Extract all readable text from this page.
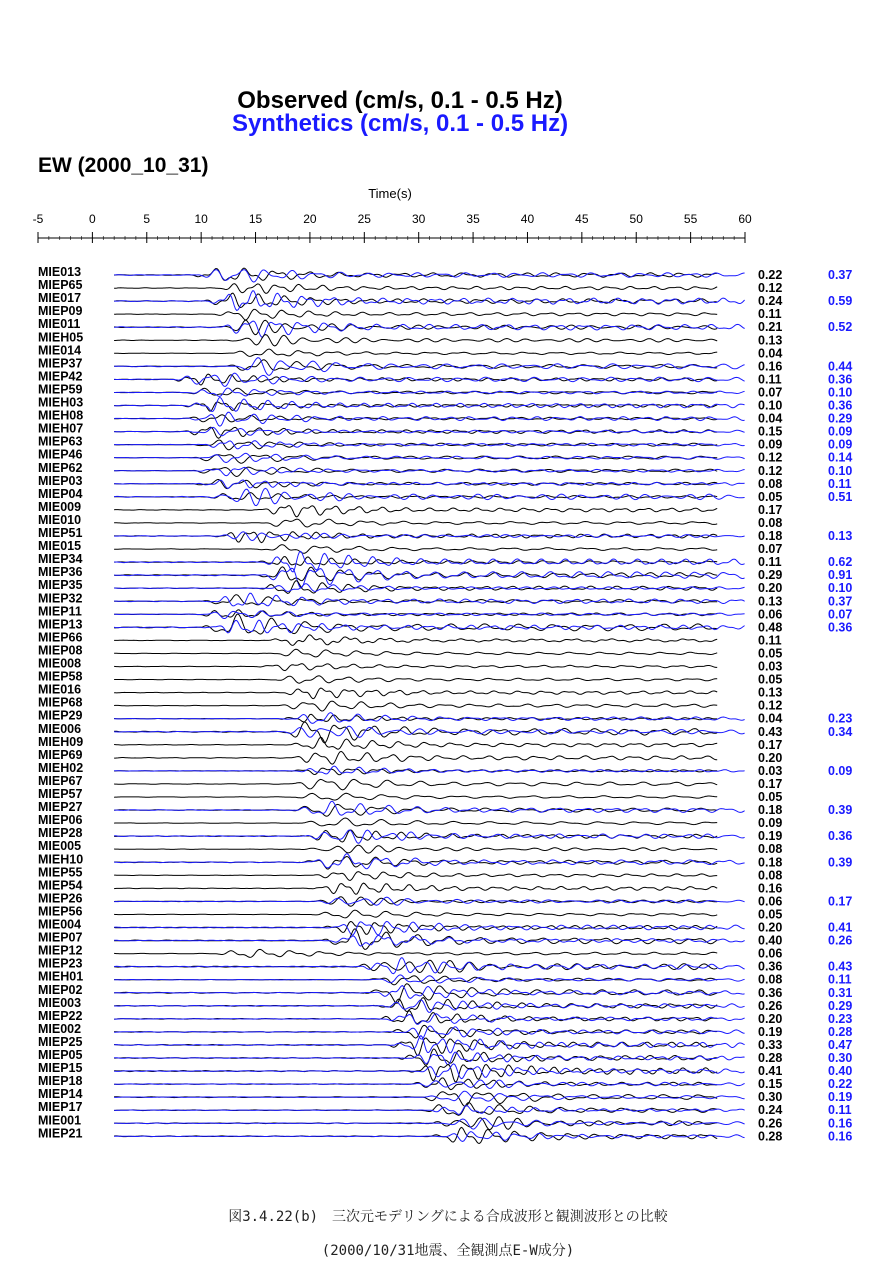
Observed (cm/s, 0.1 - 0.5 Hz)
Synthetics (cm/s, 0.1 - 0.5 Hz)
EW (2000_10_31)
Time(s)
-5	0	5	10	15	20	25	30	35	40	45	50	55	60
MIE013	0.22	0.37
MIEP65	0.12
MIE017	0.24	0.59
MIEP09	0.11
MIE011	0.21	0.52
MIEH05	0.13
MIE014	0.04
MIEP37	0.16	0.44
MIEP42	0.11	0.36
MIEP59	0.07	0.10
MIEH03	0.10	0.36
MIEH08	0.04	0.29
MIEH07	0.15	0.09
MIEP63	0.09	0.09
MIEP46	0.12	0.14
MIEP62	0.12	0.10
MIEP03	0.08	0.11
MIEP04	0.05	0.51
MIE009	0.17
MIE010	0.08
MIEP51	0.18	0.13
MIE015	0.07
MIEP34	0.11	0.62
MIEP36	0.29	0.91
MIEP35	0.20	0.10
MIEP32	0.13	0.37
MIEP11	0.06	0.07
MIEP13	0.48	0.36
MIEP66	0.11
MIEP08	0.05
MIE008	0.03
MIEP58	0.05
MIE016	0.13
MIEP68	0.12
MIEP29	0.04	0.23
MIE006	0.43	0.34
MIEH09	0.17
MIEP69	0.20
MIEH02	0.03	0.09
MIEP67	0.17
MIEP57	0.05
MIEP27	0.18	0.39
MIEP06	0.09
MIEP28	0.19	0.36
MIE005	0.08
MIEH10	0.18	0.39
MIEP55	0.08
MIEP54	0.16
MIEP26	0.06	0.17
MIEP56	0.05
MIE004	0.20	0.41
MIEP07	0.40	0.26
MIEP12	0.06
MIEP23	0.36	0.43
MIEH01	0.08	0.11
MIEP02	0.36	0.31
MIE003	0.26	0.29
MIEP22	0.20	0.23
MIE002	0.19	0.28
MIEP25	0.33	0.47
MIEP05	0.28	0.30
MIEP15	0.41	0.40
MIEP18	0.15	0.22
MIEP14	0.30	0.19
MIEP17	0.24	0.11
MIE001	0.26	0.16
MIEP21	0.28	0.16
図3.4.22(b)　三次元モデリングによる合成波形と観測波形との比較
(2000/10/31地震、全観測点E-W成分)
